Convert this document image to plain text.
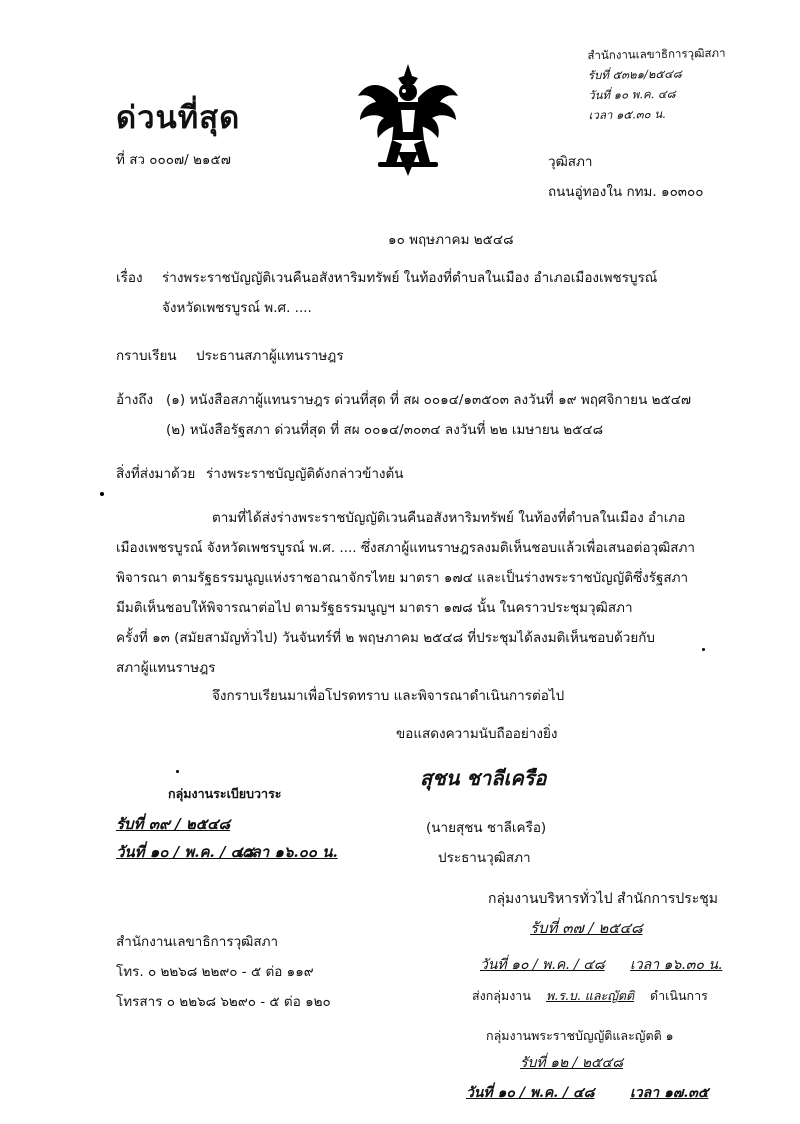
ด่วนที่สุด
ที่ สว ๐๐๐๗/ ๒๑๕๗
สำนักงานเลขาธิการวุฒิสภา
รับที่ ๕๓๒๑/๒๕๔๘
วันที่ ๑๐ พ.ค. ๔๘
เวลา ๑๕.๓๐ น.
วุฒิสภา
ถนนอู่ทองใน กทม. ๑๐๓๐๐
๑๐ พฤษภาคม ๒๕๔๘
เรื่อง ร่างพระราชบัญญัติเวนคืนอสังหาริมทรัพย์ ในท้องที่ตำบลในเมือง อำเภอเมืองเพชรบูรณ์
จังหวัดเพชรบูรณ์ พ.ศ. ....
กราบเรียน ประธานสภาผู้แทนราษฎร
อ้างถึง (๑) หนังสือสภาผู้แทนราษฎร ด่วนที่สุด ที่ สผ ๐๐๑๔/๑๓๕๐๓ ลงวันที่ ๑๙ พฤศจิกายน ๒๕๔๗
(๒) หนังสือรัฐสภา ด่วนที่สุด ที่ สผ ๐๐๑๔/๓๐๓๔ ลงวันที่ ๒๒ เมษายน ๒๕๔๘
สิ่งที่ส่งมาด้วย ร่างพระราชบัญญัติดังกล่าวข้างต้น
ตามที่ได้ส่งร่างพระราชบัญญัติเวนคืนอสังหาริมทรัพย์ ในท้องที่ตำบลในเมือง อำเภอ
เมืองเพชรบูรณ์ จังหวัดเพชรบูรณ์ พ.ศ. .... ซึ่งสภาผู้แทนราษฎรลงมติเห็นชอบแล้วเพื่อเสนอต่อวุฒิสภา
พิจารณา ตามรัฐธรรมนูญแห่งราชอาณาจักรไทย มาตรา ๑๗๔ และเป็นร่างพระราชบัญญัติซึ่งรัฐสภา
มีมติเห็นชอบให้พิจารณาต่อไป ตามรัฐธรรมนูญฯ มาตรา ๑๗๘ นั้น ในคราวประชุมวุฒิสภา
ครั้งที่ ๑๓ (สมัยสามัญทั่วไป) วันจันทร์ที่ ๒ พฤษภาคม ๒๕๔๘ ที่ประชุมได้ลงมติเห็นชอบด้วยกับ
สภาผู้แทนราษฎร
จึงกราบเรียนมาเพื่อโปรดทราบ และพิจารณาดำเนินการต่อไป
ขอแสดงความนับถืออย่างยิ่ง
สุชน ชาลีเครือ
(นายสุชน ชาลีเครือ)
ประธานวุฒิสภา
กลุ่มงานระเบียบวาระ
รับที่ ๓๙ / ๒๕๔๘
วันที่ ๑๐ / พ.ค. / ๔๘
เวลา ๑๖.๐๐ น.
กลุ่มงานบริหารทั่วไป สำนักการประชุม
รับที่ ๓๗ / ๒๕๔๘
วันที่ ๑๐ / พ.ค. / ๔๘ เวลา ๑๖.๓๐ น.
ส่งกลุ่มงาน พ.ร.บ. และญัตติ ดำเนินการ
กลุ่มงานพระราชบัญญัติและญัตติ ๑
รับที่ ๑๒ / ๒๕๔๘
วันที่ ๑๐ / พ.ค. / ๔๘	เวลา ๑๗.๓๕
สำนักงานเลขาธิการวุฒิสภา
โทร. ๐ ๒๒๖๘ ๒๒๙๐ - ๕ ต่อ ๑๑๙
โทรสาร ๐ ๒๒๖๘ ๖๒๙๐ - ๕ ต่อ ๑๒๐
